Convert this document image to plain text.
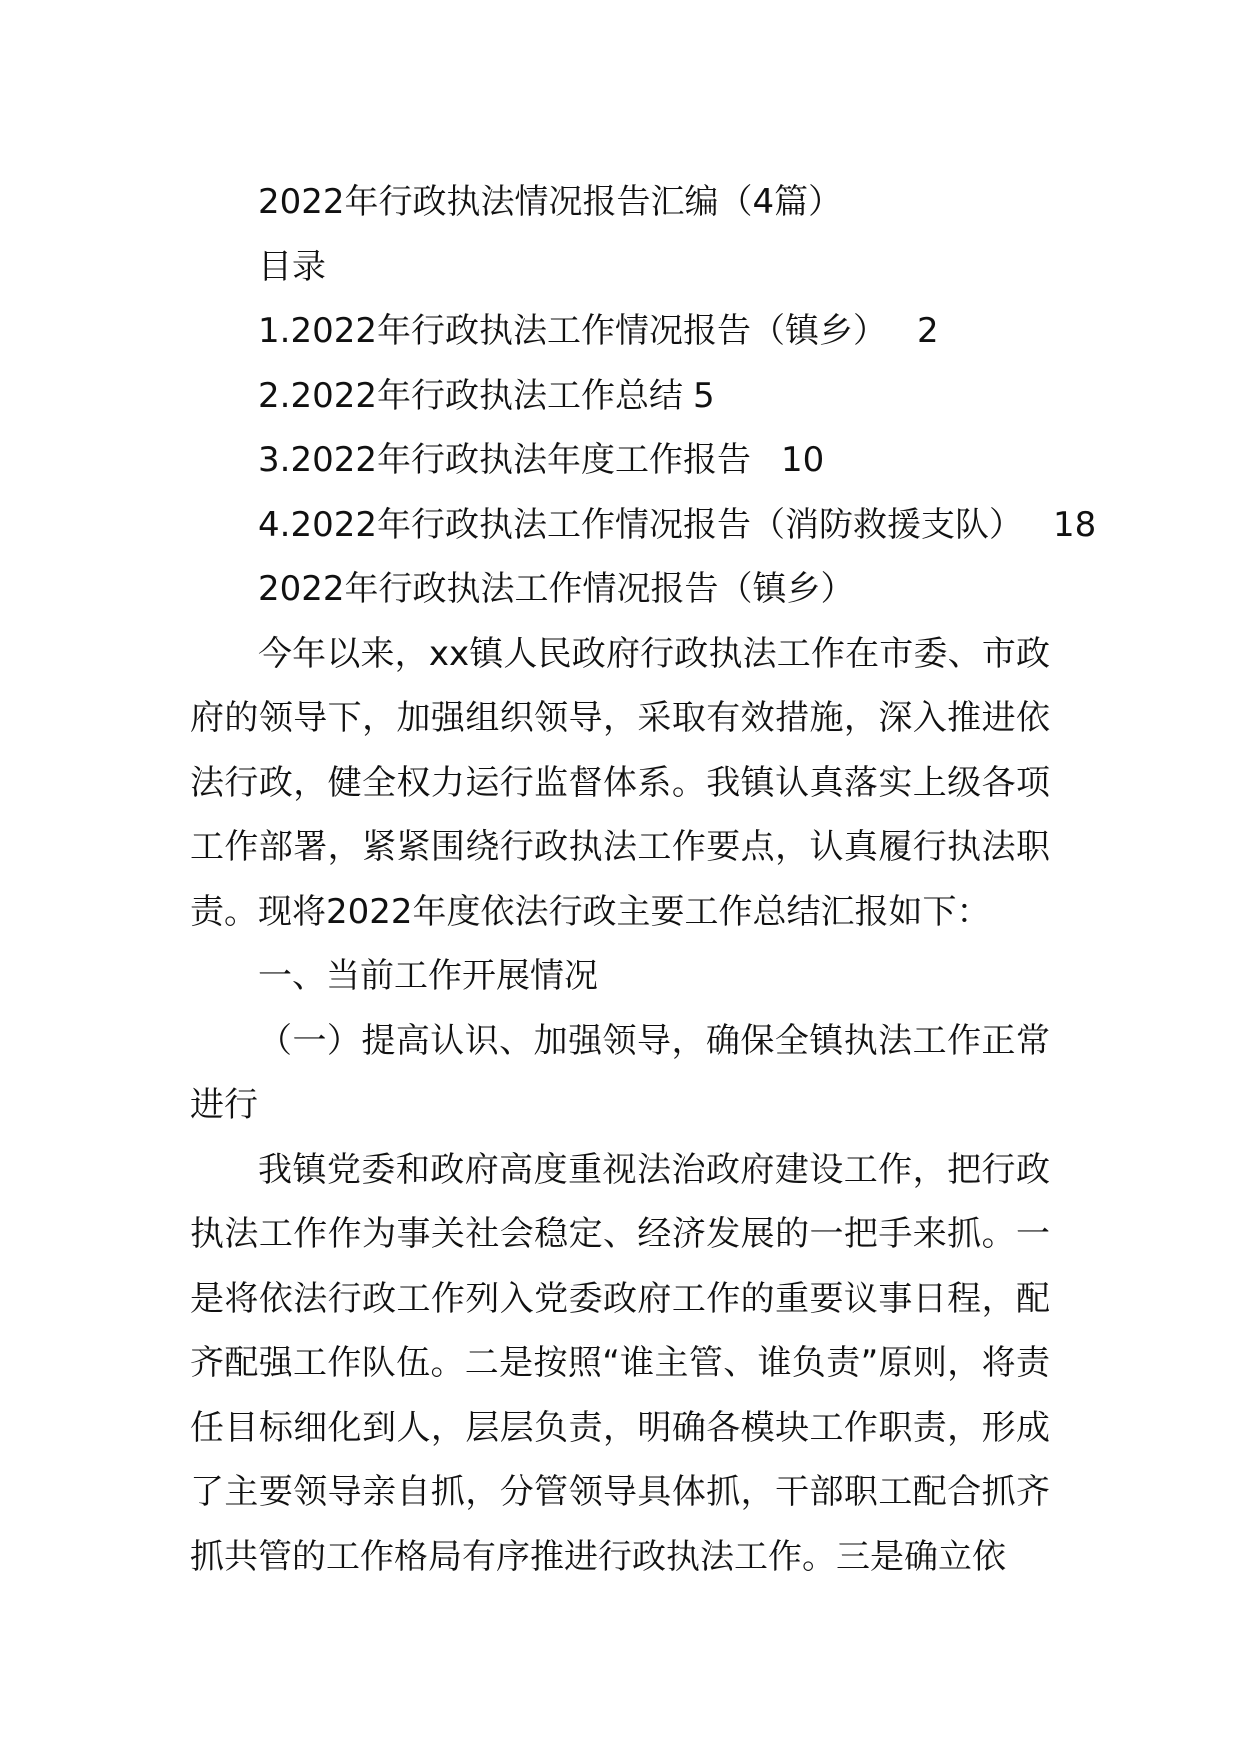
2022年行政执法情况报告汇编（4篇）
目录
1.2022年行政执法工作情况报告（镇乡） 2
2.2022年行政执法工作总结 5
3.2022年行政执法年度工作报告 10
4.2022年行政执法工作情况报告（消防救援支队） 18
2022年行政执法工作情况报告（镇乡）

今年以来，xx镇人民政府行政执法工作在市委、市政府的领导下，加强组织领导，采取有效措施，深入推进依法行政，健全权力运行监督体系。我镇认真落实上级各项工作部署，紧紧围绕行政执法工作要点，认真履行执法职责。现将2022年度依法行政主要工作总结汇报如下：

一、当前工作开展情况

（一）提高认识、加强领导，确保全镇执法工作正常进行

我镇党委和政府高度重视法治政府建设工作，把行政执法工作作为事关社会稳定、经济发展的一把手来抓。一是将依法行政工作列入党委政府工作的重要议事日程，配齐配强工作队伍。二是按照“谁主管、谁负责”原则，将责任目标细化到人，层层负责，明确各模块工作职责，形成了主要领导亲自抓，分管领导具体抓，干部职工配合抓齐抓共管的工作格局有序推进行政执法工作。三是确立依
